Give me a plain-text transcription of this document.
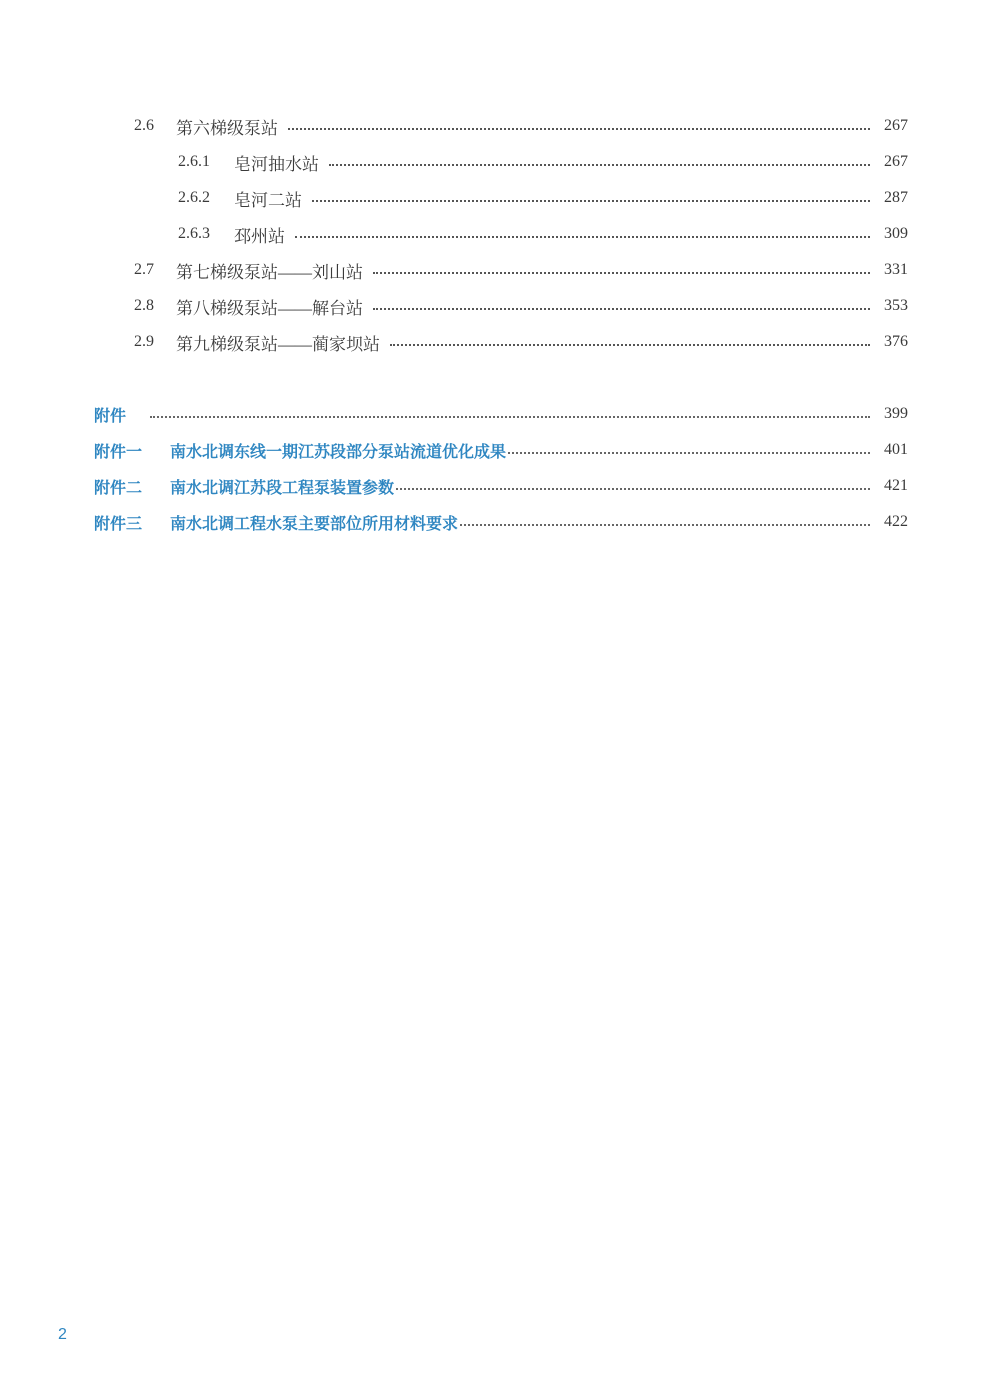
2.6	第六梯级泵站	267
2.6.1	皂河抽水站	267
2.6.2	皂河二站	287
2.6.3	邳州站	309
2.7	第七梯级泵站——刘山站	331
2.8	第八梯级泵站——解台站	353
2.9	第九梯级泵站——蔺家坝站	376
附件	399
附件一	南水北调东线一期江苏段部分泵站流道优化成果	401
附件二	南水北调江苏段工程泵装置参数	421
附件三	南水北调工程水泵主要部位所用材料要求	422
2
